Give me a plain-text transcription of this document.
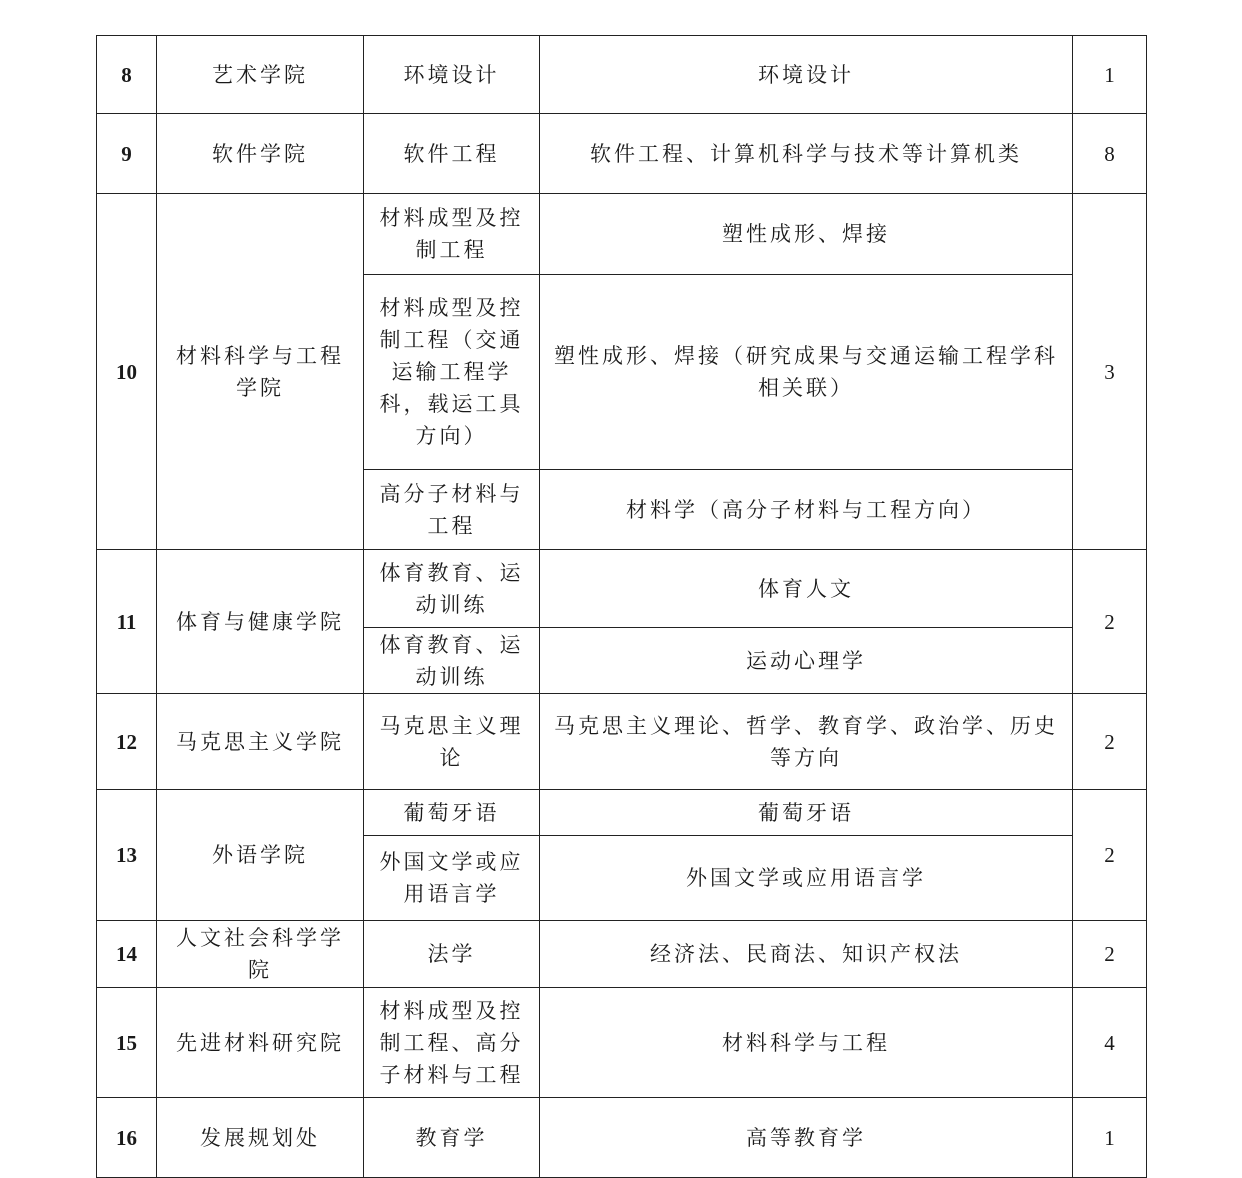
8	艺术学院	环境设计	环境设计	1
9	软件学院	软件工程	软件工程、计算机科学与技术等计算机类	8
10	材料科学与工程学院	材料成型及控制工程	塑性成形、焊接	3
		材料成型及控制工程（交通运输工程学科，载运工具方向）	塑性成形、焊接（研究成果与交通运输工程学科相关联）	
		高分子材料与工程	材料学（高分子材料与工程方向）	
11	体育与健康学院	体育教育、运动训练	体育人文	2
		体育教育、运动训练	运动心理学	
12	马克思主义学院	马克思主义理论	马克思主义理论、哲学、教育学、政治学、历史等方向	2
13	外语学院	葡萄牙语	葡萄牙语	2
		外国文学或应用语言学	外国文学或应用语言学	
14	人文社会科学学院	法学	经济法、民商法、知识产权法	2
15	先进材料研究院	材料成型及控制工程、高分子材料与工程	材料科学与工程	4
16	发展规划处	教育学	高等教育学	1
